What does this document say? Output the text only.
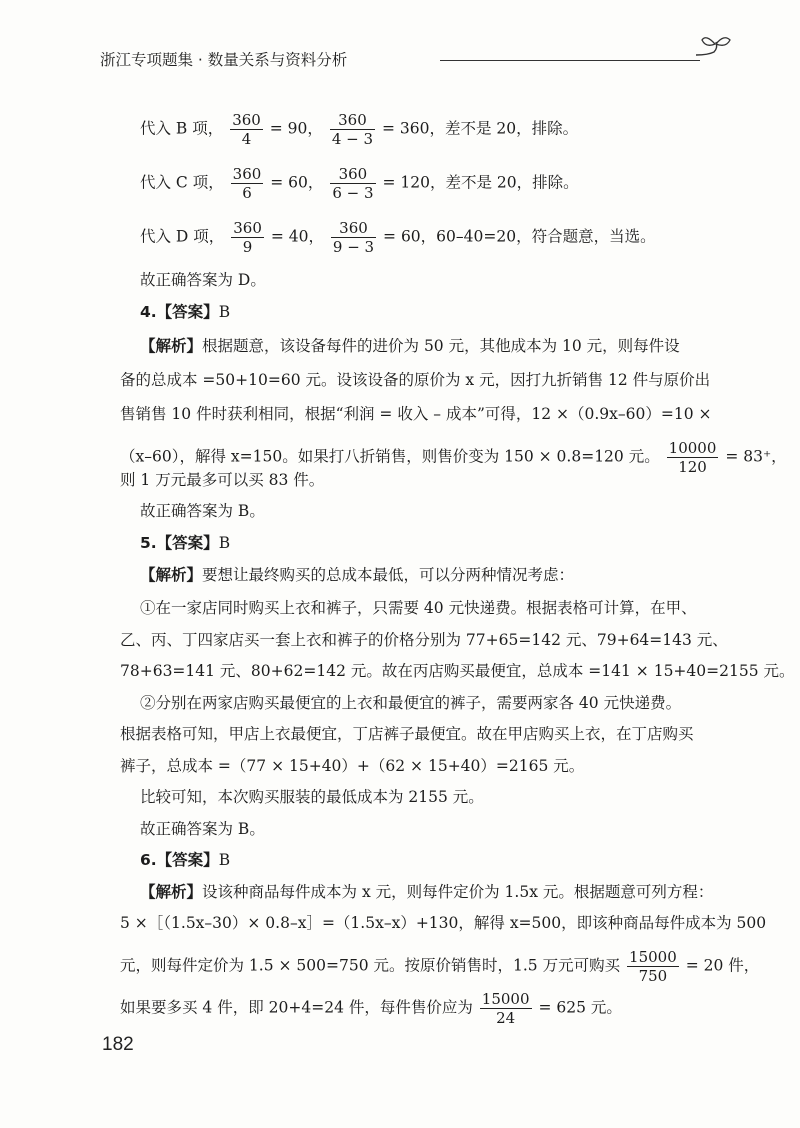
浙江专项题集 · 数量关系与资料分析
代入 B 项， $\frac{360}{4} = 90$， $\frac{360}{4 - 3} = 360$，差不是 20，排除。
代入 C 项， $\frac{360}{6} = 60$， $\frac{360}{6 - 3} = 120$，差不是 20，排除。
代入 D 项， $\frac{360}{9} = 40$， $\frac{360}{9 - 3} = 60$，60–40=20，符合题意，当选。
故正确答案为 D。
4.【答案】B
【解析】根据题意，该设备每件的进价为 50 元，其他成本为 10 元，则每件设
备的总成本 =50+10=60 元。设该设备的原价为 x 元，因打九折销售 12 件与原价出
售销售 10 件时获利相同，根据“利润 = 收入 – 成本”可得，12 ×（0.9x–60）=10 ×
（x–60），解得 x=150。如果打八折销售，则售价变为 150 × 0.8=120 元。 $\frac{10000}{120} = 83^+$，
则 1 万元最多可以买 83 件。
故正确答案为 B。
5.【答案】B
【解析】要想让最终购买的总成本最低，可以分两种情况考虑：
①在一家店同时购买上衣和裤子，只需要 40 元快递费。根据表格可计算，在甲、
乙、丙、丁四家店买一套上衣和裤子的价格分别为 77+65=142 元、79+64=143 元、
78+63=141 元、80+62=142 元。故在丙店购买最便宜，总成本 =141 × 15+40=2155 元。
②分别在两家店购买最便宜的上衣和最便宜的裤子，需要两家各 40 元快递费。
根据表格可知，甲店上衣最便宜，丁店裤子最便宜。故在甲店购买上衣，在丁店购买
裤子，总成本 =（77 × 15+40）+（62 × 15+40）=2165 元。
比较可知，本次购买服装的最低成本为 2155 元。
故正确答案为 B。
6.【答案】B
【解析】设该种商品每件成本为 x 元，则每件定价为 1.5x 元。根据题意可列方程：
5 ×［（1.5x–30）× 0.8–x］=（1.5x–x）+130，解得 x=500，即该种商品每件成本为 500
元，则每件定价为 1.5 × 500=750 元。按原价销售时，1.5 万元可购买 $\frac{15000}{750} = 20$ 件，
如果要多买 4 件，即 20+4=24 件，每件售价应为 $\frac{15000}{24} = 625$ 元。
182
